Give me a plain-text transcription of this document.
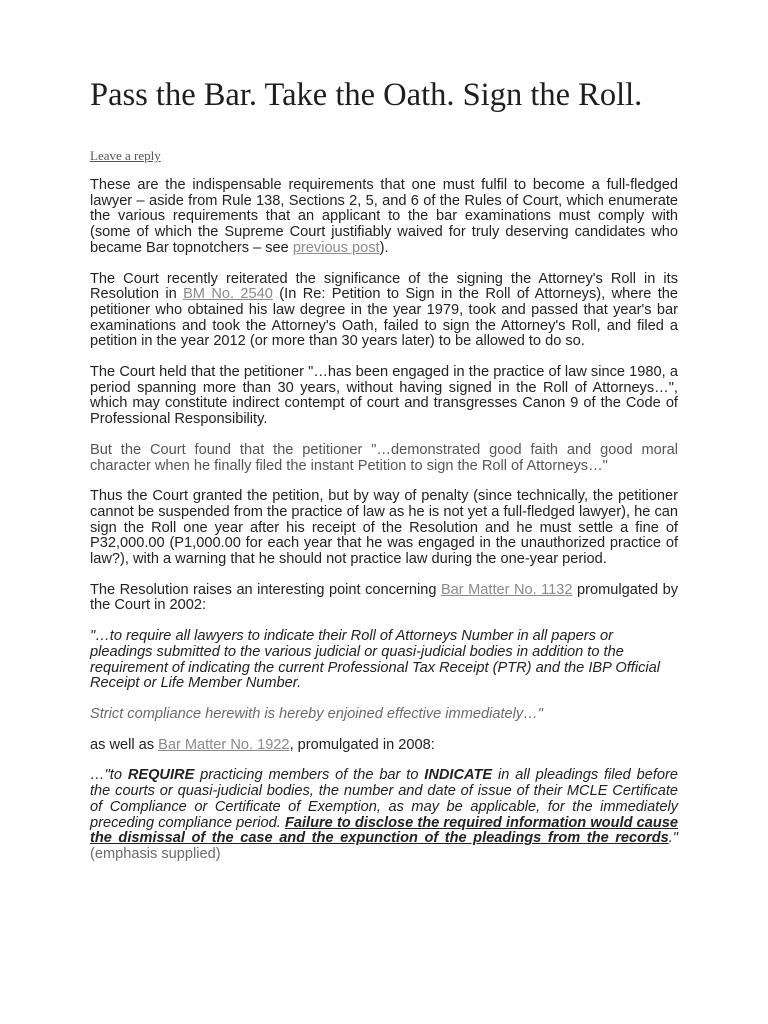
Pass the Bar. Take the Oath. Sign the Roll.
Leave a reply

These are the indispensable requirements that one must fulfil to become a full-fledged lawyer – aside from Rule 138, Sections 2, 5, and 6 of the Rules of Court, which enumerate the various requirements that an applicant to the bar examinations must comply with (some of which the Supreme Court justifiably waived for truly deserving candidates who became Bar topnotchers – see previous post).

The Court recently reiterated the significance of the signing the Attorney's Roll in its Resolution in BM No. 2540 (In Re: Petition to Sign in the Roll of Attorneys), where the petitioner who obtained his law degree in the year 1979, took and passed that year's bar examinations and took the Attorney's Oath, failed to sign the Attorney's Roll, and filed a petition in the year 2012 (or more than 30 years later) to be allowed to do so.

The Court held that the petitioner "…has been engaged in the practice of law since 1980, a period spanning more than 30 years, without having signed in the Roll of Attorneys…", which may constitute indirect contempt of court and transgresses Canon 9 of the Code of Professional Responsibility.

But the Court found that the petitioner "…demonstrated good faith and good moral character when he finally filed the instant Petition to sign the Roll of Attorneys…"

Thus the Court granted the petition, but by way of penalty (since technically, the petitioner cannot be suspended from the practice of law as he is not yet a full-fledged lawyer), he can sign the Roll one year after his receipt of the Resolution and he must settle a fine of P32,000.00 (P1,000.00 for each year that he was engaged in the unauthorized practice of law?), with a warning that he should not practice law during the one-year period.

The Resolution raises an interesting point concerning Bar Matter No. 1132 promulgated by the Court in 2002:

"…to require all lawyers to indicate their Roll of Attorneys Number in all papers or pleadings submitted to the various judicial or quasi-judicial bodies in addition to the requirement of indicating the current Professional Tax Receipt (PTR) and the IBP Official Receipt or Life Member Number.

Strict compliance herewith is hereby enjoined effective immediately…"

as well as Bar Matter No. 1922, promulgated in 2008:

…"to REQUIRE practicing members of the bar to INDICATE in all pleadings filed before the courts or quasi-judicial bodies, the number and date of issue of their MCLE Certificate of Compliance or Certificate of Exemption, as may be applicable, for the immediately preceding compliance period. Failure to disclose the required information would cause the dismissal of the case and the expunction of the pleadings from the records." (emphasis supplied)
